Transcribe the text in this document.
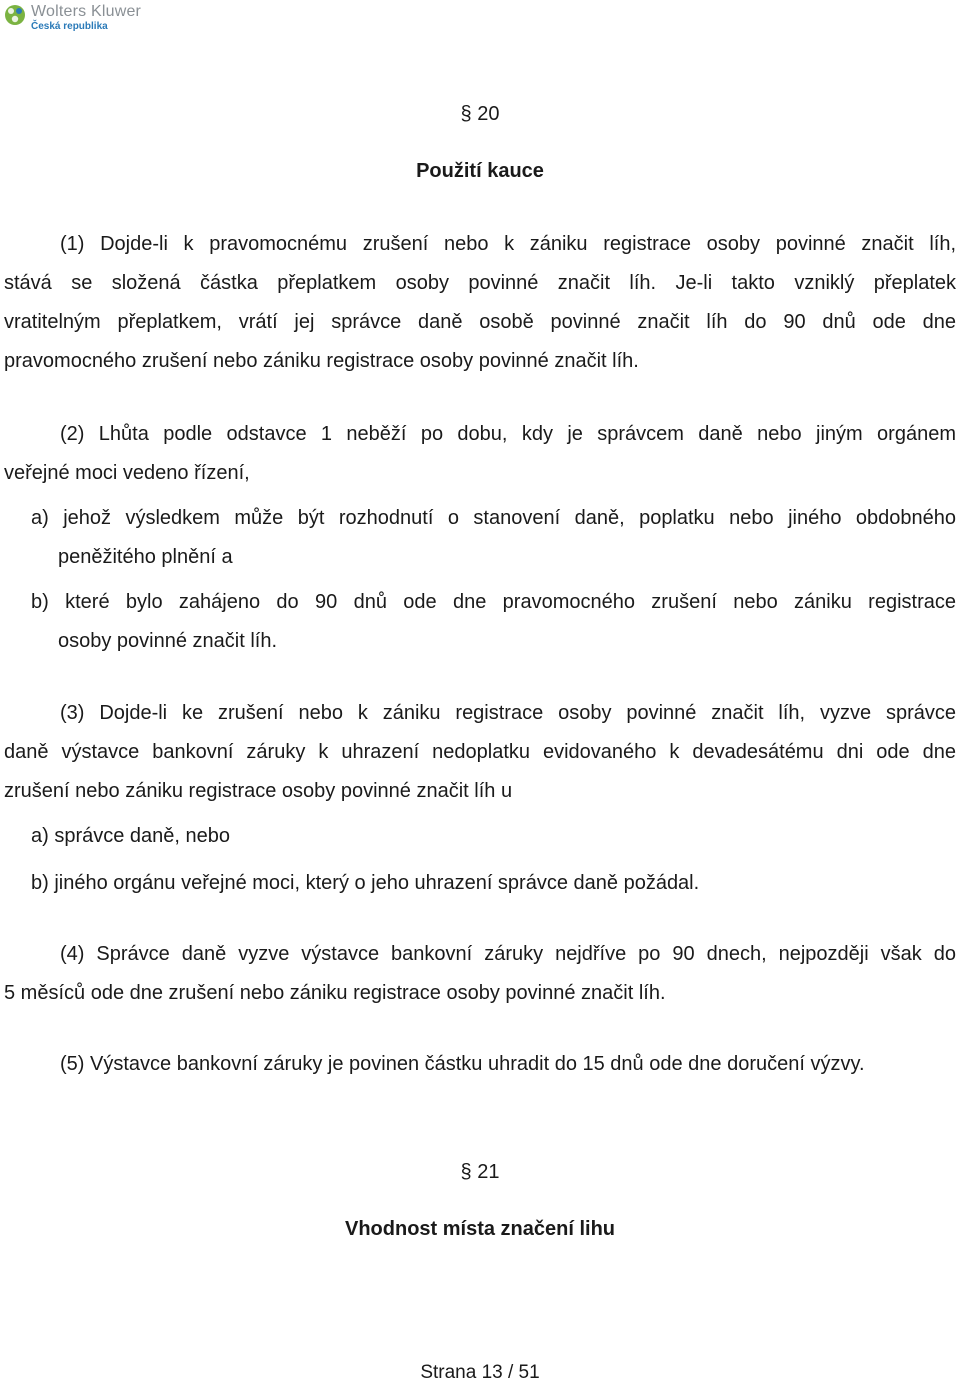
Wolters Kluwer
Česká republika
§ 20
Použití kauce
(1) Dojde-li k pravomocnému zrušení nebo k zániku registrace osoby povinné značit líh,
stává se složená částka přeplatkem osoby povinné značit líh. Je-li takto vzniklý přeplatek
vratitelným přeplatkem, vrátí jej správce daně osobě povinné značit líh do 90 dnů ode dne
pravomocného zrušení nebo zániku registrace osoby povinné značit líh.
(2) Lhůta podle odstavce 1 neběží po dobu, kdy je správcem daně nebo jiným orgánem
veřejné moci vedeno řízení,
a) jehož výsledkem může být rozhodnutí o stanovení daně, poplatku nebo jiného obdobného
peněžitého plnění a
b) které bylo zahájeno do 90 dnů ode dne pravomocného zrušení nebo zániku registrace
osoby povinné značit líh.
(3) Dojde-li ke zrušení nebo k zániku registrace osoby povinné značit líh, vyzve správce
daně výstavce bankovní záruky k uhrazení nedoplatku evidovaného k devadesátému dni ode dne
zrušení nebo zániku registrace osoby povinné značit líh u
a) správce daně, nebo
b) jiného orgánu veřejné moci, který o jeho uhrazení správce daně požádal.
(4) Správce daně vyzve výstavce bankovní záruky nejdříve po 90 dnech, nejpozději však do
5 měsíců ode dne zrušení nebo zániku registrace osoby povinné značit líh.
(5) Výstavce bankovní záruky je povinen částku uhradit do 15 dnů ode dne doručení výzvy.
§ 21
Vhodnost místa značení lihu
Strana 13 / 51
